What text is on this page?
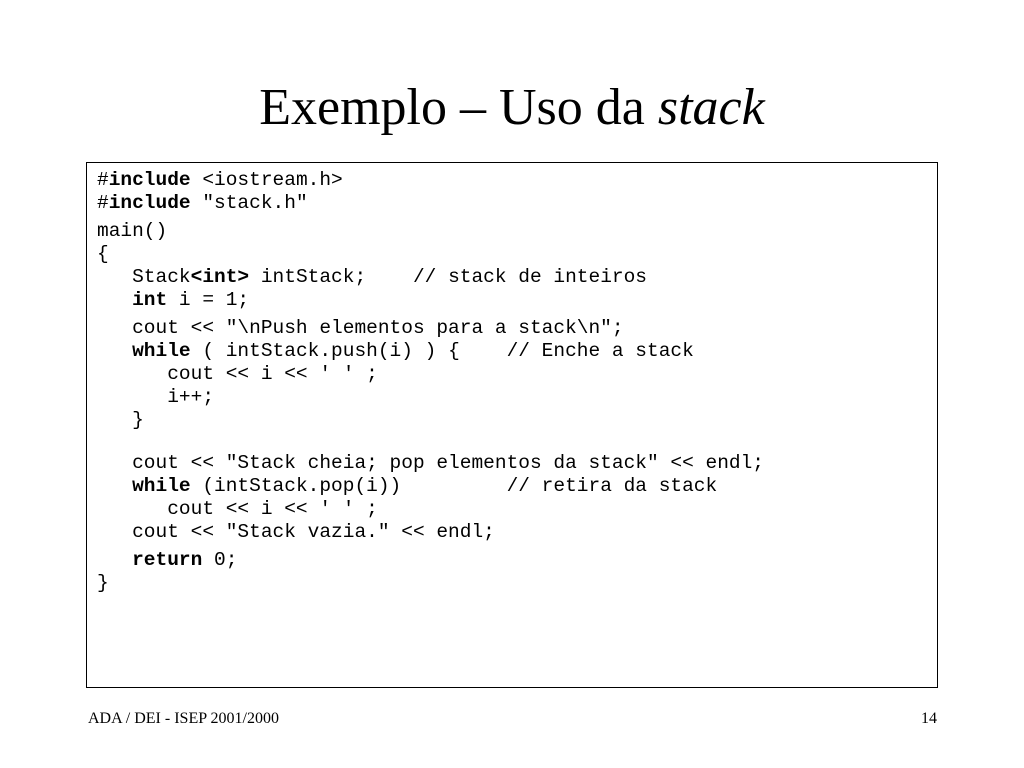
Exemplo – Uso da stack
#include <iostream.h>
#include "stack.h"
main()
{
Stack<int> intStack;    // stack de inteiros
int i = 1;
cout << "\nPush elementos para a stack\n";
while ( intStack.push(i) ) {    // Enche a stack
cout << i << ' ' ;
i++;
}
cout << "Stack cheia; pop elementos da stack" << endl;
while (intStack.pop(i))         // retira da stack
cout << i << ' ' ;
cout << "Stack vazia." << endl;
return 0;
}
ADA / DEI - ISEP 2001/2000	14
